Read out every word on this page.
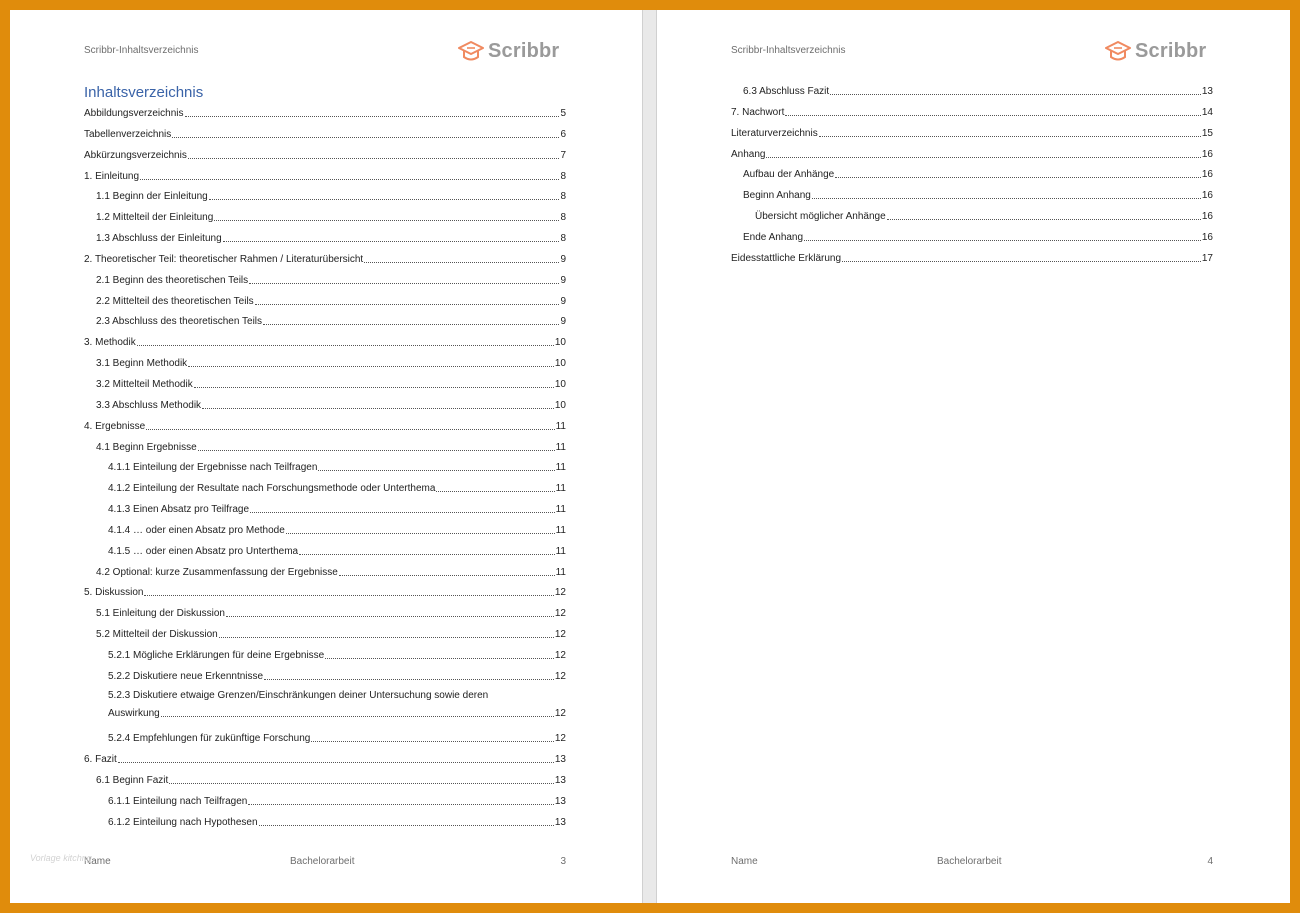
Scribbr-Inhaltsverzeichnis	Scribbr
Inhaltsverzeichnis
Abbildungsverzeichnis	5
Tabellenverzeichnis	6
Abkürzungsverzeichnis	7
1. Einleitung	8
1.1 Beginn der Einleitung	8
1.2 Mittelteil der Einleitung	8
1.3 Abschluss der Einleitung	8
2. Theoretischer Teil: theoretischer Rahmen / Literaturübersicht	9
2.1 Beginn des theoretischen Teils	9
2.2 Mittelteil des theoretischen Teils	9
2.3 Abschluss des theoretischen Teils	9
3. Methodik	10
3.1 Beginn Methodik	10
3.2 Mittelteil Methodik	10
3.3 Abschluss Methodik	10
4. Ergebnisse	11
4.1 Beginn Ergebnisse	11
4.1.1 Einteilung der Ergebnisse nach Teilfragen	11
4.1.2 Einteilung der Resultate nach Forschungsmethode oder Unterthema	11
4.1.3 Einen Absatz pro Teilfrage	11
4.1.4 … oder einen Absatz pro Methode	11
4.1.5 … oder einen Absatz pro Unterthema	11
4.2 Optional: kurze Zusammenfassung der Ergebnisse	11
5. Diskussion	12
5.1 Einleitung der Diskussion	12
5.2 Mittelteil der Diskussion	12
5.2.1 Mögliche Erklärungen für deine Ergebnisse	12
5.2.2 Diskutiere neue Erkenntnisse	12
5.2.3 Diskutiere etwaige Grenzen/Einschränkungen deiner Untersuchung sowie deren
Auswirkung	12
5.2.4 Empfehlungen für zukünftige Forschung	12
6. Fazit	13
6.1 Beginn Fazit	13
6.1.1 Einteilung nach Teilfragen	13
6.1.2 Einteilung nach Hypothesen	13
Name	Bachelorarbeit	3
Scribbr-Inhaltsverzeichnis	Scribbr
6.3 Abschluss Fazit	13
7. Nachwort	14
Literaturverzeichnis	15
Anhang	16
Aufbau der Anhänge	16
Beginn Anhang	16
Übersicht möglicher Anhänge	16
Ende Anhang	16
Eidesstattliche Erklärung	17
Name	Bachelorarbeit	4
Vorlage kitchng
